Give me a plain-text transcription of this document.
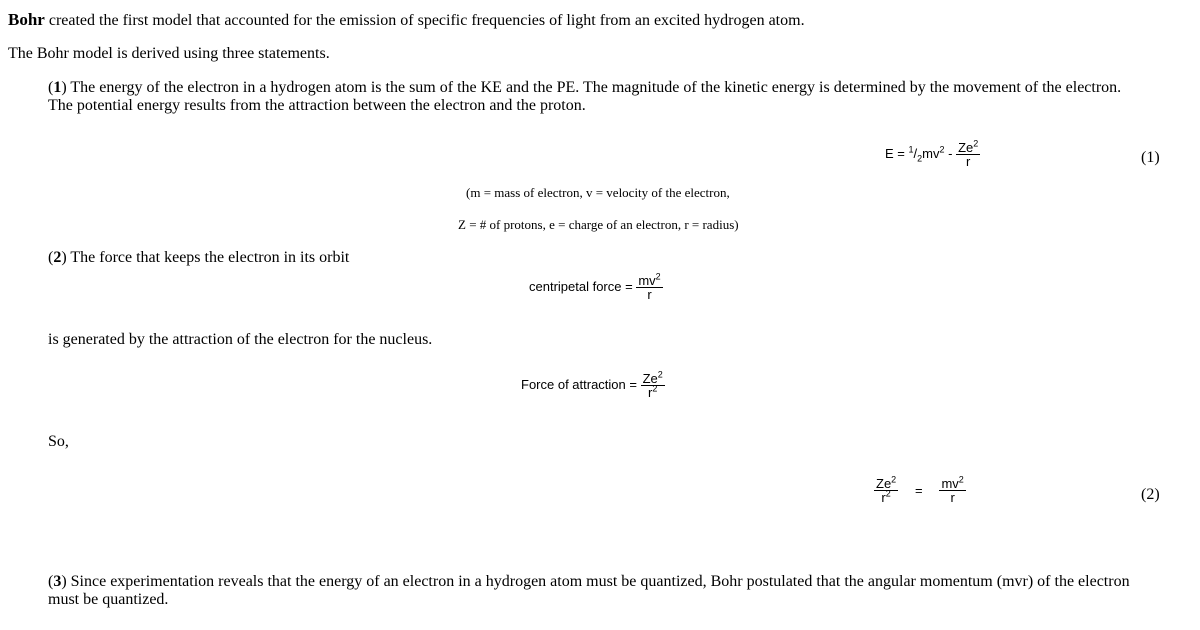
Bohr created the first model that accounted for the emission of specific frequencies of light from an excited hydrogen atom.
The Bohr model is derived using three statements.
(1) The energy of the electron in a hydrogen atom is the sum of the KE and the PE. The magnitude of the kinetic energy is determined by the movement of the electron. The potential energy results from the attraction between the electron and the proton.
$E = ^1/_2mv^2 - \frac{Ze^2}{r}$	(1)
(m = mass of electron, v = velocity of the electron,
Z = # of protons, e = charge of an electron, r = radius)
(2) The force that keeps the electron in its orbit
centripetal force = $\frac{mv^2}{r}$
is generated by the attraction of the electron for the nucleus.
Force of attraction = $\frac{Ze^2}{r^2}$
So,
$\frac{Ze^2}{r^2} = \frac{mv^2}{r}$	(2)
(3) Since experimentation reveals that the energy of an electron in a hydrogen atom must be quantized, Bohr postulated that the angular momentum (mvr) of the electron must be quantized.
